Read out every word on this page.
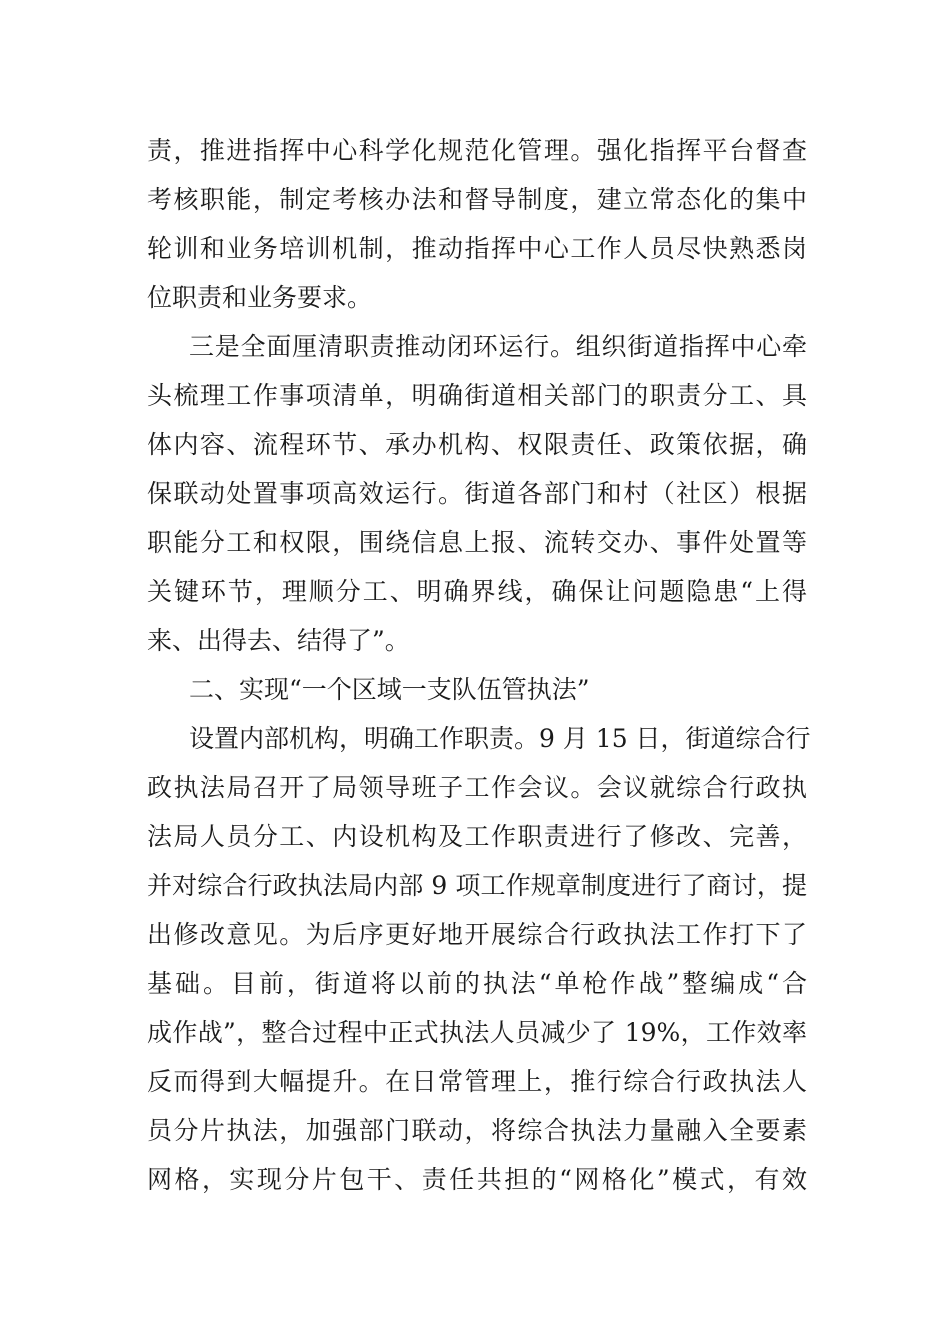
责，推进指挥中心科学化规范化管理。强化指挥平台督查
考核职能，制定考核办法和督导制度，建立常态化的集中
轮训和业务培训机制，推动指挥中心工作人员尽快熟悉岗
位职责和业务要求。
三是全面厘清职责推动闭环运行。组织街道指挥中心牵
头梳理工作事项清单，明确街道相关部门的职责分工、具
体内容、流程环节、承办机构、权限责任、政策依据，确
保联动处置事项高效运行。街道各部门和村（社区）根据
职能分工和权限，围绕信息上报、流转交办、事件处置等
关键环节，理顺分工、明确界线，确保让问题隐患“上得
来、出得去、结得了”。
二、实现“一个区域一支队伍管执法”
设置内部机构，明确工作职责。9 月 15 日，街道综合行
政执法局召开了局领导班子工作会议。会议就综合行政执
法局人员分工、内设机构及工作职责进行了修改、完善，
并对综合行政执法局内部 9 项工作规章制度进行了商讨，提
出修改意见。为后序更好地开展综合行政执法工作打下了
基础。目前，街道将以前的执法“单枪作战”整编成“合
成作战”，整合过程中正式执法人员减少了 19%，工作效率
反而得到大幅提升。在日常管理上，推行综合行政执法人
员分片执法，加强部门联动，将综合执法力量融入全要素
网格，实现分片包干、责任共担的“网格化”模式，有效
